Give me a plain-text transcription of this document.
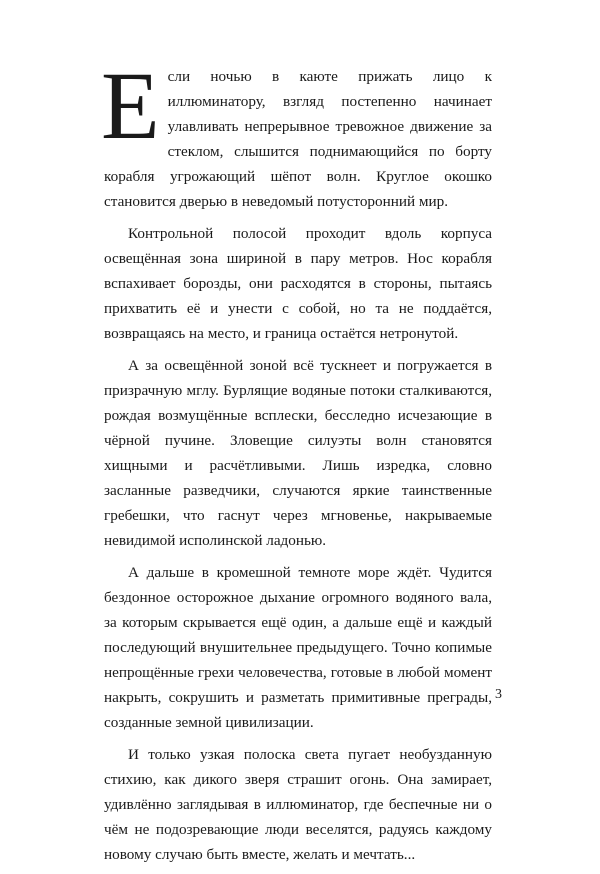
Если ночью в каюте прижать лицо к иллюминатору, взгляд постепенно начинает улавливать непрерывное тревожное движение за стеклом, слышится поднимающийся по борту корабля угрожающий шёпот волн. Круглое окошко становится дверью в неведомый потусторонний мир.

Контрольной полосой проходит вдоль корпуса освещённая зона шириной в пару метров. Нос корабля вспахивает борозды, они расходятся в стороны, пытаясь прихватить её и унести с собой, но та не поддаётся, возвращаясь на место, и граница остаётся нетронутой.

А за освещённой зоной всё тускнеет и погружается в призрачную мглу. Бурлящие водяные потоки сталкиваются, рождая возмущённые всплески, бесследно исчезающие в чёрной пучине. Зловещие силуэты волн становятся хищными и расчётливыми. Лишь изредка, словно засланные разведчики, случаются яркие таинственные гребешки, что гаснут через мгновенье, накрываемые невидимой исполинской ладонью.

А дальше в кромешной темноте море ждёт. Чудится бездонное осторожное дыхание огромного водяного вала, за которым скрывается ещё один, а дальше ещё и каждый последующий внушительнее предыдущего. Точно копимые непрощённые грехи человечества, готовые в любой момент накрыть, сокрушить и разметать примитивные преграды, созданные земной цивилизации.

И только узкая полоска света пугает необузданную стихию, как дикого зверя страшит огонь. Она замирает, удивлённо заглядывая в иллюминатор, где беспечные ни о чём не подозревающие люди веселятся, радуясь каждому новому случаю быть вместе, желать и мечтать...

3
